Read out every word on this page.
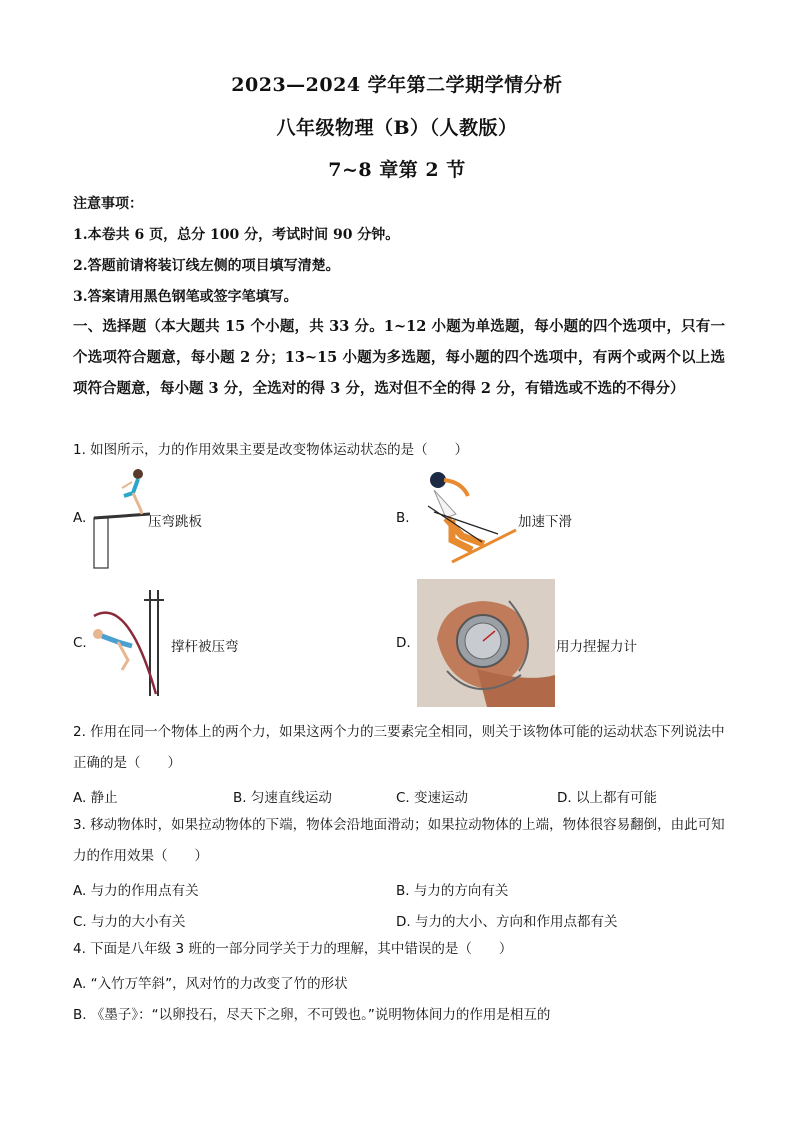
2023—2024 学年第二学期学情分析
八年级物理（B）（人教版）
7~8 章第 2 节
注意事项：
1.本卷共 6 页，总分 100 分，考试时间 90 分钟。
2.答题前请将装订线左侧的项目填写清楚。
3.答案请用黑色钢笔或签字笔填写。
一、选择题（本大题共 15 个小题，共 33 分。1~12 小题为单选题，每小题的四个选项中，只有一个选项符合题意，每小题 2 分；13~15 小题为多选题，每小题的四个选项中，有两个或两个以上选项符合题意，每小题 3 分，全选对的得 3 分，选对但不全的得 2 分，有错选或不选的不得分）
1. 如图所示，力的作用效果主要是改变物体运动状态的是（　　）
A.	压弯跳板	B.	加速下滑
C.	撑杆被压弯	D.	用力捏握力计
2. 作用在同一个物体上的两个力，如果这两个力的三要素完全相同，则关于该物体可能的运动状态下列说法中正确的是（　　）
A. 静止	B. 匀速直线运动	C. 变速运动	D. 以上都有可能
3. 移动物体时，如果拉动物体的下端，物体会沿地面滑动；如果拉动物体的上端，物体很容易翻倒，由此可知力的作用效果（　　）
A. 与力的作用点有关	B. 与力的方向有关
C. 与力的大小有关	D. 与力的大小、方向和作用点都有关
4. 下面是八年级 3 班的一部分同学关于力的理解，其中错误的是（　　）
A. “入竹万竿斜”，风对竹的力改变了竹的形状
B. 《墨子》：“以卵投石，尽天下之卵，不可毁也。”说明物体间力的作用是相互的
